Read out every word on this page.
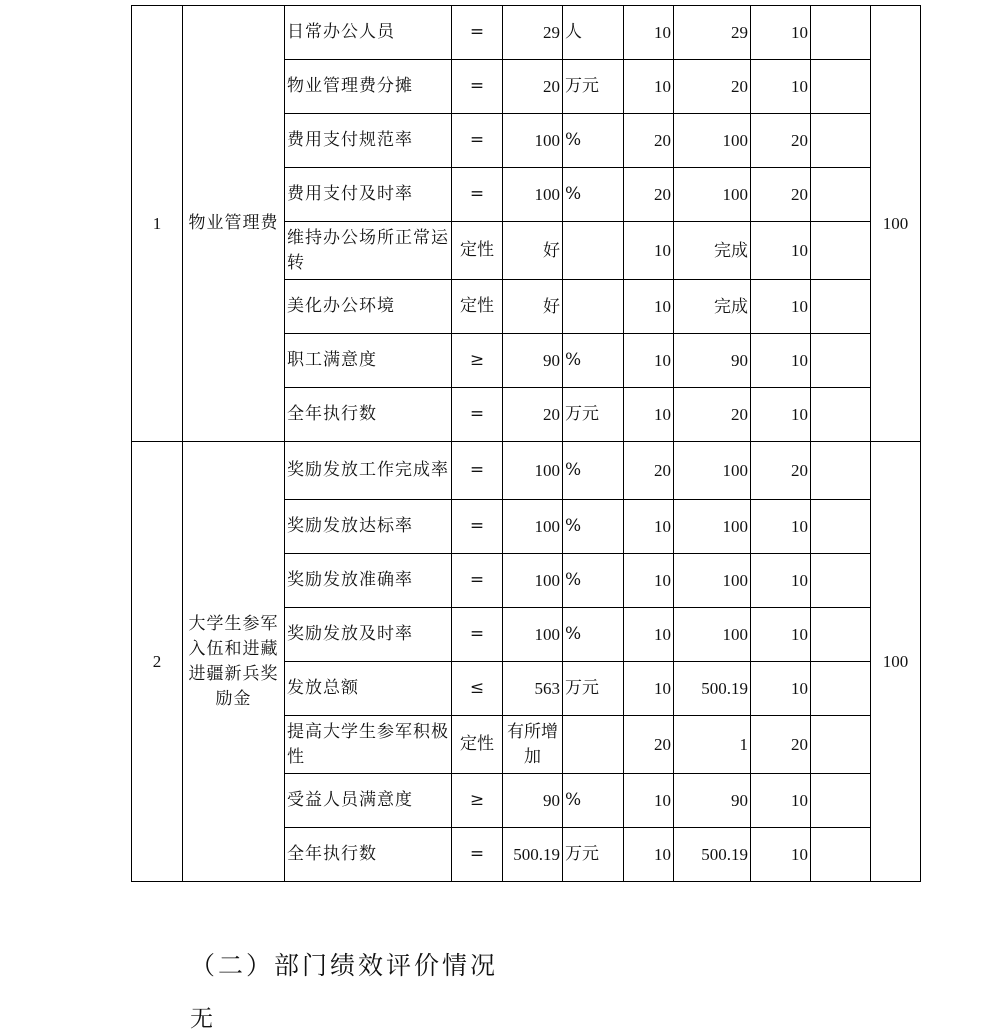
1	物业管理费	日常办公人员	=	29	人	10	29	10		100
		物业管理费分摊	=	20	万元	10	20	10		
		费用支付规范率	=	100	%	20	100	20		
		费用支付及时率	=	100	%	20	100	20		
		维持办公场所正常运转	定性	好		10	完成	10		
		美化办公环境	定性	好		10	完成	10		
		职工满意度	≥	90	%	10	90	10		
		全年执行数	=	20	万元	10	20	10		
2	大学生参军入伍和进藏进疆新兵奖励金	奖励发放工作完成率	=	100	%	20	100	20		100
		奖励发放达标率	=	100	%	10	100	10		
		奖励发放准确率	=	100	%	10	100	10		
		奖励发放及时率	=	100	%	10	100	10		
		发放总额	≤	563	万元	10	500.19	10		
		提高大学生参军积极性	定性	有所增加		20	1	20		
		受益人员满意度	≥	90	%	10	90	10		
		全年执行数	=	500.19	万元	10	500.19	10		
（二）部门绩效评价情况
无
